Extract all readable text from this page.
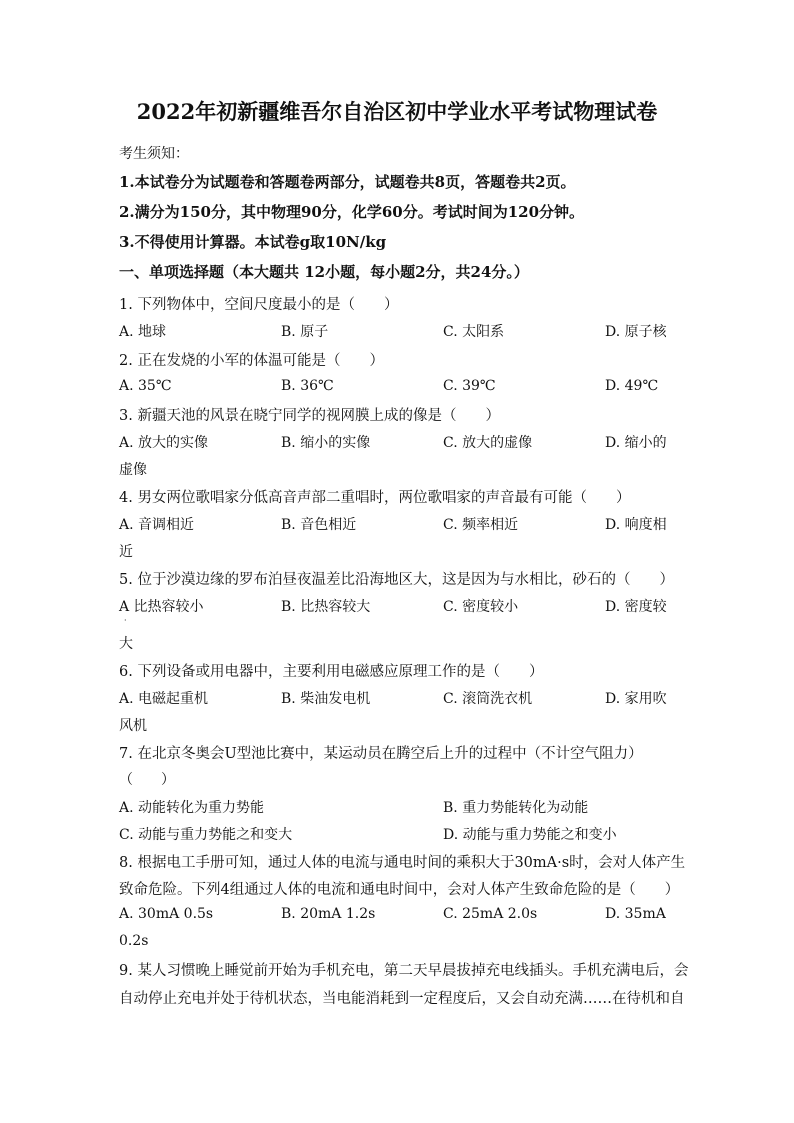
2022年初新疆维吾尔自治区初中学业水平考试物理试卷
考生须知：
1.本试卷分为试题卷和答题卷两部分，试题卷共8页，答题卷共2页。
2.满分为150分，其中物理90分，化学60分。考试时间为120分钟。
3.不得使用计算器。本试卷g取10N/kg
一、单项选择题（本大题共 12小题，每小题2分，共24分。）
1. 下列物体中，空间尺度最小的是（　　）
A. 地球	B. 原子	C. 太阳系	D. 原子核
2. 正在发烧的小军的体温可能是（　　）
A. 35℃	B. 36℃	C. 39℃	D. 49℃
3. 新疆天池的风景在晓宁同学的视网膜上成的像是（　　）
A. 放大的实像	B. 缩小的实像	C. 放大的虚像	D. 缩小的
虚像
4. 男女两位歌唱家分低高音声部二重唱时，两位歌唱家的声音最有可能（　　）
A. 音调相近	B. 音色相近	C. 频率相近	D. 响度相
近
5. 位于沙漠边缘的罗布泊昼夜温差比沿海地区大，这是因为与水相比，砂石的（　　）
A 比热容较小	B. 比热容较大	C. 密度较小	D. 密度较
·
大
6. 下列设备或用电器中，主要利用电磁感应原理工作的是（　　）
A. 电磁起重机	B. 柴油发电机	C. 滚筒洗衣机	D. 家用吹
风机
7. 在北京冬奥会U型池比赛中，某运动员在腾空后上升的过程中（不计空气阻力）
（　　）
A. 动能转化为重力势能	B. 重力势能转化为动能
C. 动能与重力势能之和变大	D. 动能与重力势能之和变小
8. 根据电工手册可知，通过人体的电流与通电时间的乘积大于30mA·s时，会对人体产生
致命危险。下列4组通过人体的电流和通电时间中，会对人体产生致命危险的是（　　）
A. 30mA 0.5s	B. 20mA 1.2s	C. 25mA 2.0s	D. 35mA
0.2s
9. 某人习惯晚上睡觉前开始为手机充电，第二天早晨拔掉充电线插头。手机充满电后，会
自动停止充电并处于待机状态，当电能消耗到一定程度后，又会自动充满……在待机和自
